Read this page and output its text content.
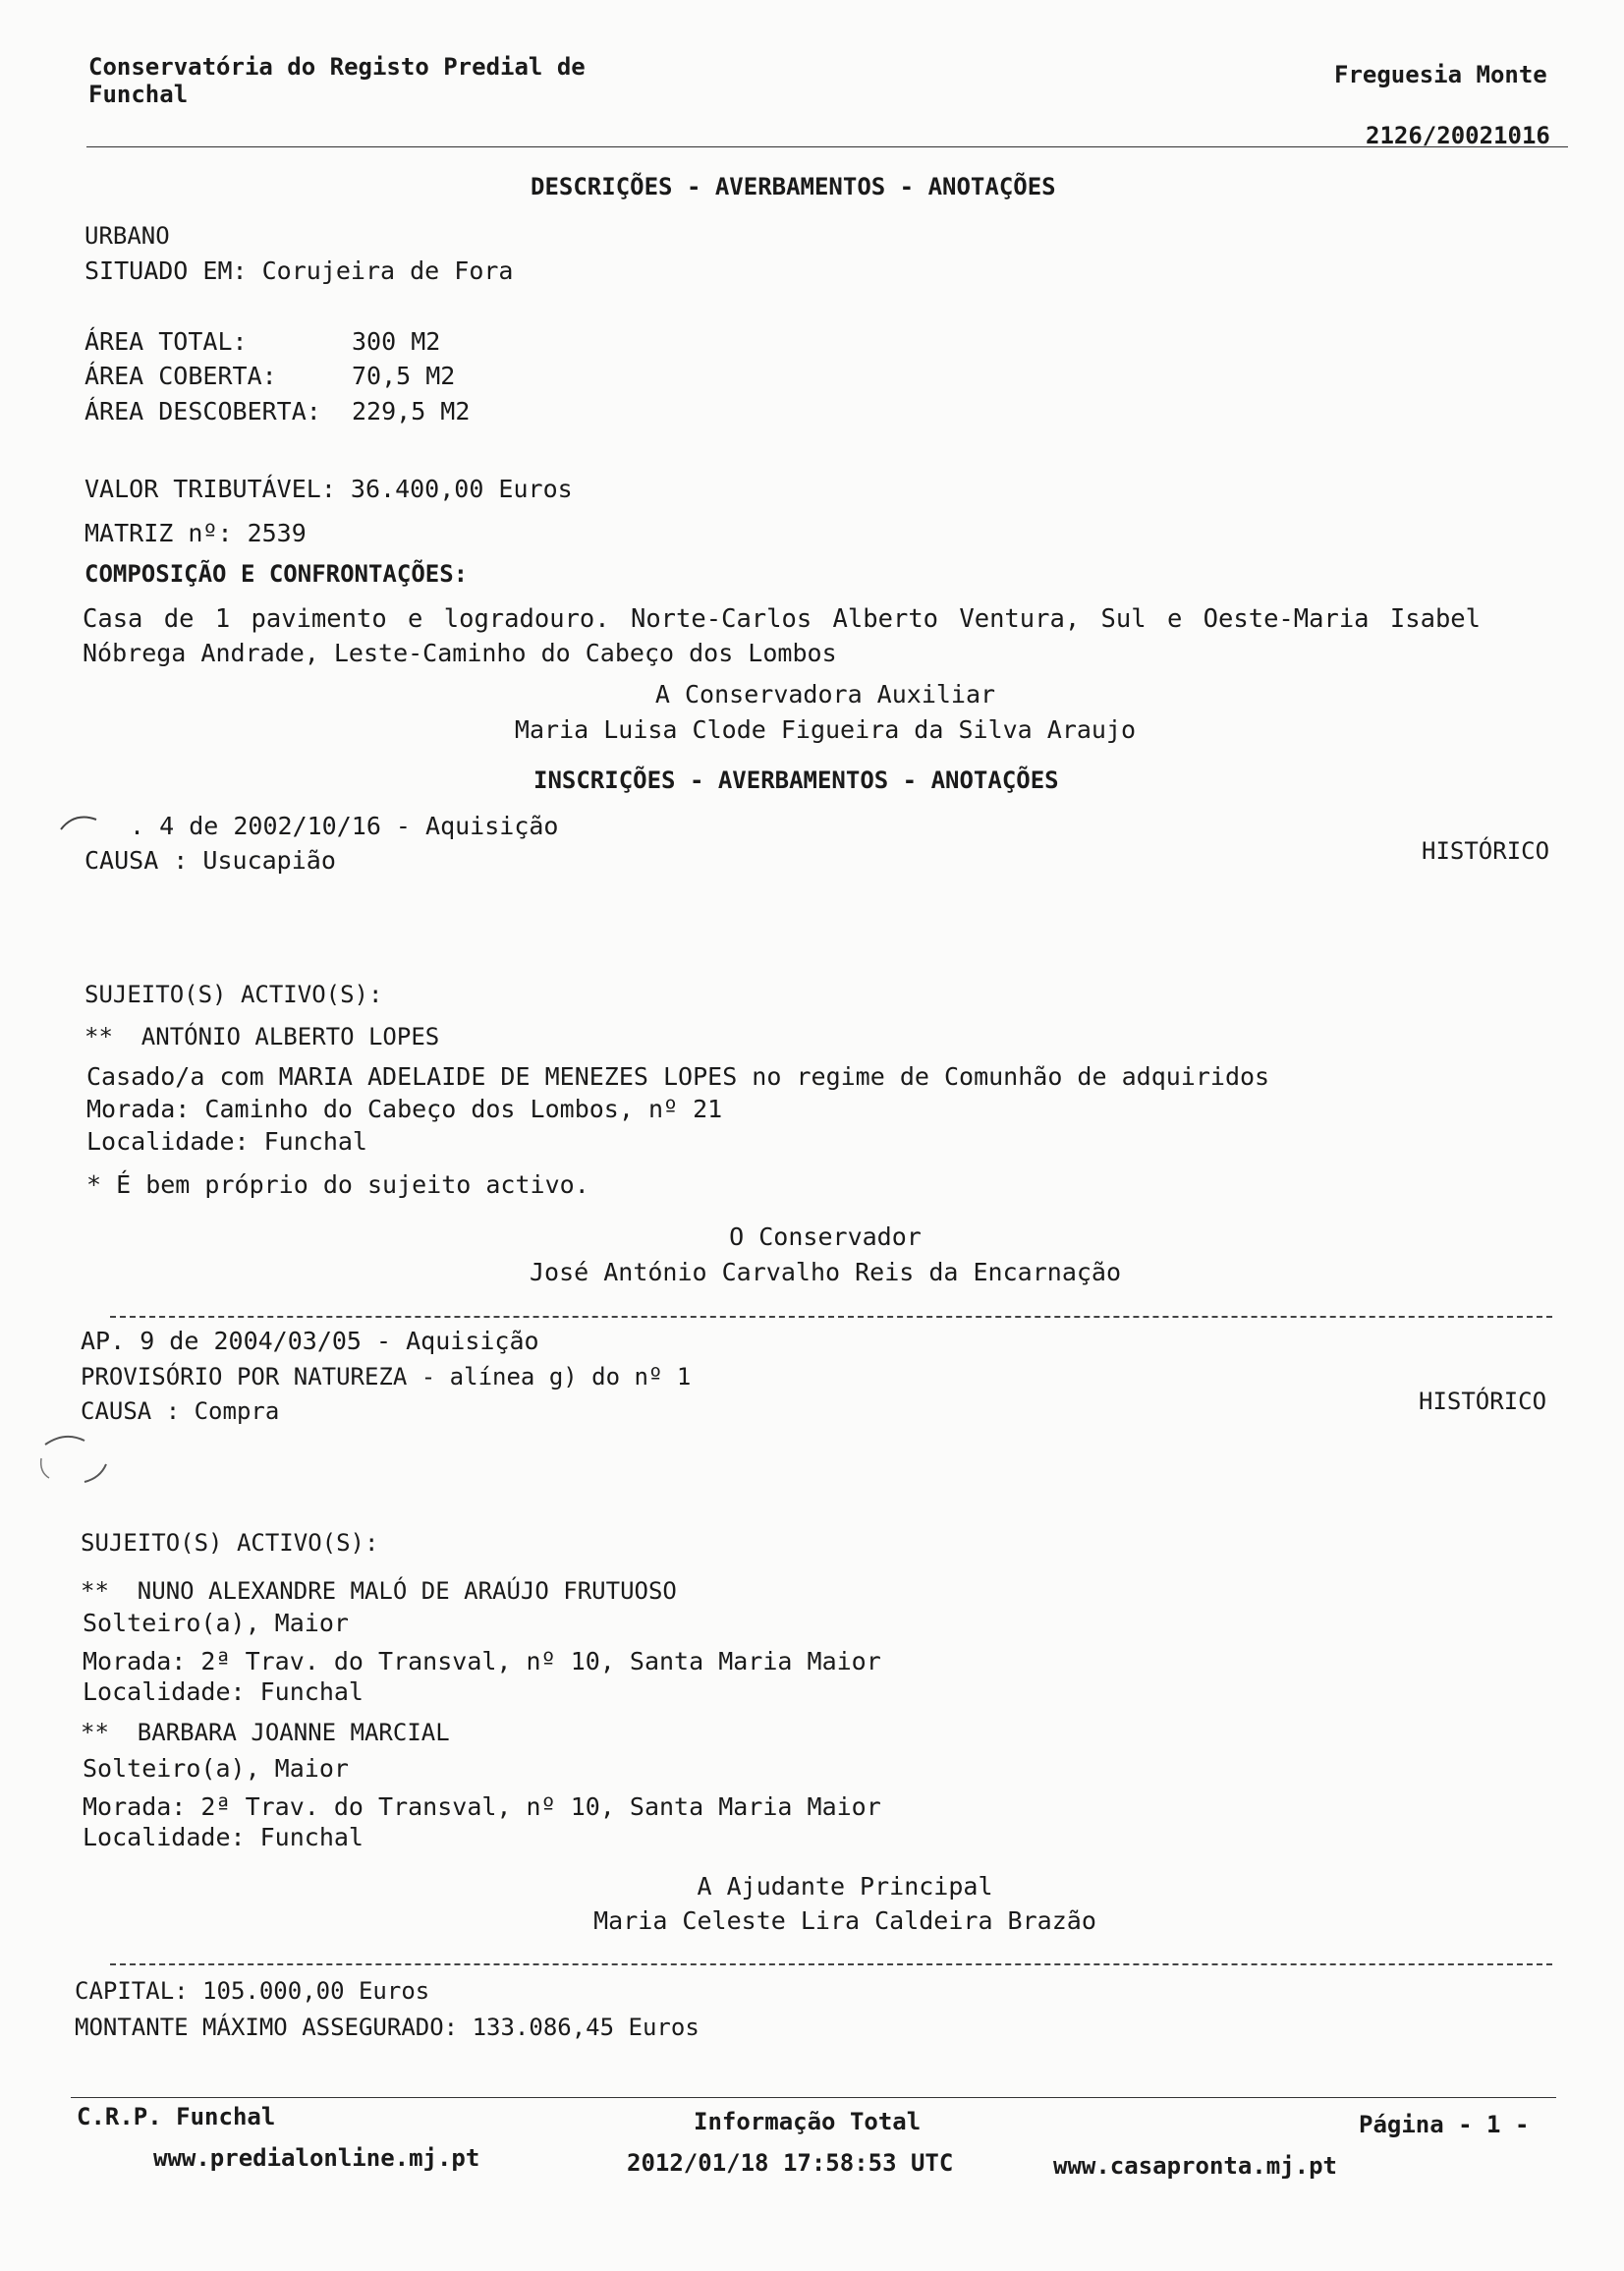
Conservatória do Registo Predial de
Funchal
Freguesia Monte
2126/20021016
DESCRIÇÕES - AVERBAMENTOS - ANOTAÇÕES
URBANO
SITUADO EM: Corujeira de Fora
ÁREA TOTAL:	300 M2
ÁREA COBERTA:	70,5 M2
ÁREA DESCOBERTA: 229,5 M2
VALOR TRIBUTÁVEL: 36.400,00 Euros
MATRIZ nº: 2539
COMPOSIÇÃO E CONFRONTAÇÕES:
Casa de 1 pavimento e logradouro. Norte-Carlos Alberto Ventura, Sul e Oeste-Maria Isabel
Nóbrega Andrade, Leste-Caminho do Cabeço dos Lombos
A Conservadora Auxiliar
Maria Luisa Clode Figueira da Silva Araujo
INSCRIÇÕES - AVERBAMENTOS - ANOTAÇÕES
. 4 de 2002/10/16 - Aquisição
CAUSA : Usucapião	HISTÓRICO
SUJEITO(S) ACTIVO(S):
**  ANTÓNIO ALBERTO LOPES
Casado/a com MARIA ADELAIDE DE MENEZES LOPES no regime de Comunhão de adquiridos
Morada: Caminho do Cabeço dos Lombos, nº 21
Localidade: Funchal
* É bem próprio do sujeito activo.
O Conservador
José António Carvalho Reis da Encarnação
AP. 9 de 2004/03/05 - Aquisição
PROVISÓRIO POR NATUREZA - alínea g) do nº 1
CAUSA : Compra	HISTÓRICO
SUJEITO(S) ACTIVO(S):
**  NUNO ALEXANDRE MALÓ DE ARAÚJO FRUTUOSO
Solteiro(a), Maior
Morada: 2ª Trav. do Transval, nº 10, Santa Maria Maior
Localidade: Funchal
**  BARBARA JOANNE MARCIAL
Solteiro(a), Maior
Morada: 2ª Trav. do Transval, nº 10, Santa Maria Maior
Localidade: Funchal
A Ajudante Principal
Maria Celeste Lira Caldeira Brazão
CAPITAL: 105.000,00 Euros
MONTANTE MÁXIMO ASSEGURADO: 133.086,45 Euros
C.R.P. Funchal
www.predialonline.mj.pt
Informação Total
2012/01/18 17:58:53 UTC
Página - 1 -
www.casapronta.mj.pt
